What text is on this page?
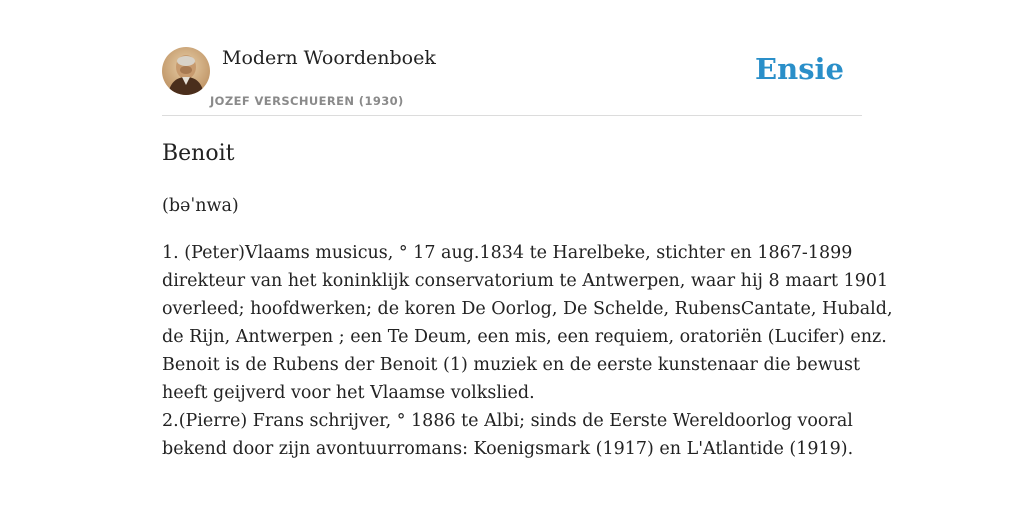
Modern Woordenboek
JOZEF VERSCHUEREN (1930)
Ensie
Benoit
(bəˈnwa)
1. (Peter)Vlaams musicus, ° 17 aug.1834 te Harelbeke, stichter en 1867-1899
direkteur van het koninklijk conservatorium te Antwerpen, waar hij 8 maart 1901
overleed; hoofdwerken; de koren De Oorlog, De Schelde, RubensCantate, Hubald,
de Rijn, Antwerpen ; een Te Deum, een mis, een requiem, oratoriën (Lucifer) enz.
Benoit is de Rubens der Benoit (1) muziek en de eerste kunstenaar die bewust
heeft geijverd voor het Vlaamse volkslied.
2.(Pierre) Frans schrijver, ° 1886 te Albi; sinds de Eerste Wereldoorlog vooral
bekend door zijn avontuurromans: Koenigsmark (1917) en L'Atlantide (1919).
